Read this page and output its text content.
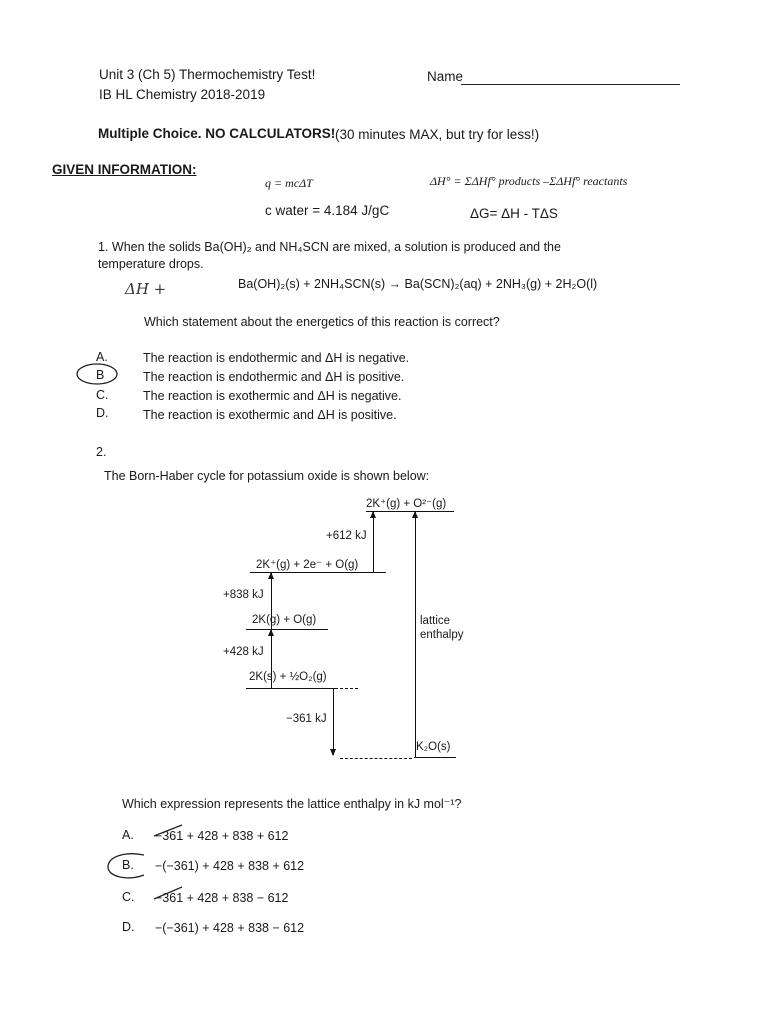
Unit 3 (Ch 5) Thermochemistry Test!
IB HL Chemistry 2018-2019
Name
Multiple Choice. NO CALCULATORS! (30 minutes MAX, but try for less!)
GIVEN INFORMATION:
q = mcΔT	ΔH° = ΣΔHf° products –ΣΔHf° reactants
c water = 4.184 J/gC	ΔG= ΔH - TΔS
1. When the solids Ba(OH)₂ and NH₄SCN are mixed, a solution is produced and the
temperature drops.
ΔH +	Ba(OH)₂(s) + 2NH₄SCN(s) → Ba(SCN)₂(aq) + 2NH₃(g) + 2H₂O(l)
Which statement about the energetics of this reaction is correct?
A.	The reaction is endothermic and ΔH is negative.
B	The reaction is endothermic and ΔH is positive.
C.	The reaction is exothermic and ΔH is negative.
D.	The reaction is exothermic and ΔH is positive.
2.
The Born-Haber cycle for potassium oxide is shown below:
2K⁺(g) + O²⁻(g)
+612 kJ
2K⁺(g) + 2e⁻ + O(g)
+838 kJ
2K(g) + O(g)
+428 kJ
2K(s) + ½O₂(g)
−361 kJ
K₂O(s)
lattice
enthalpy
Which expression represents the lattice enthalpy in kJ mol⁻¹?
A. −361 + 428 + 838 + 612
B. −(−361) + 428 + 838 + 612
C. −361 + 428 + 838 − 612
D. −(−361) + 428 + 838 − 612
